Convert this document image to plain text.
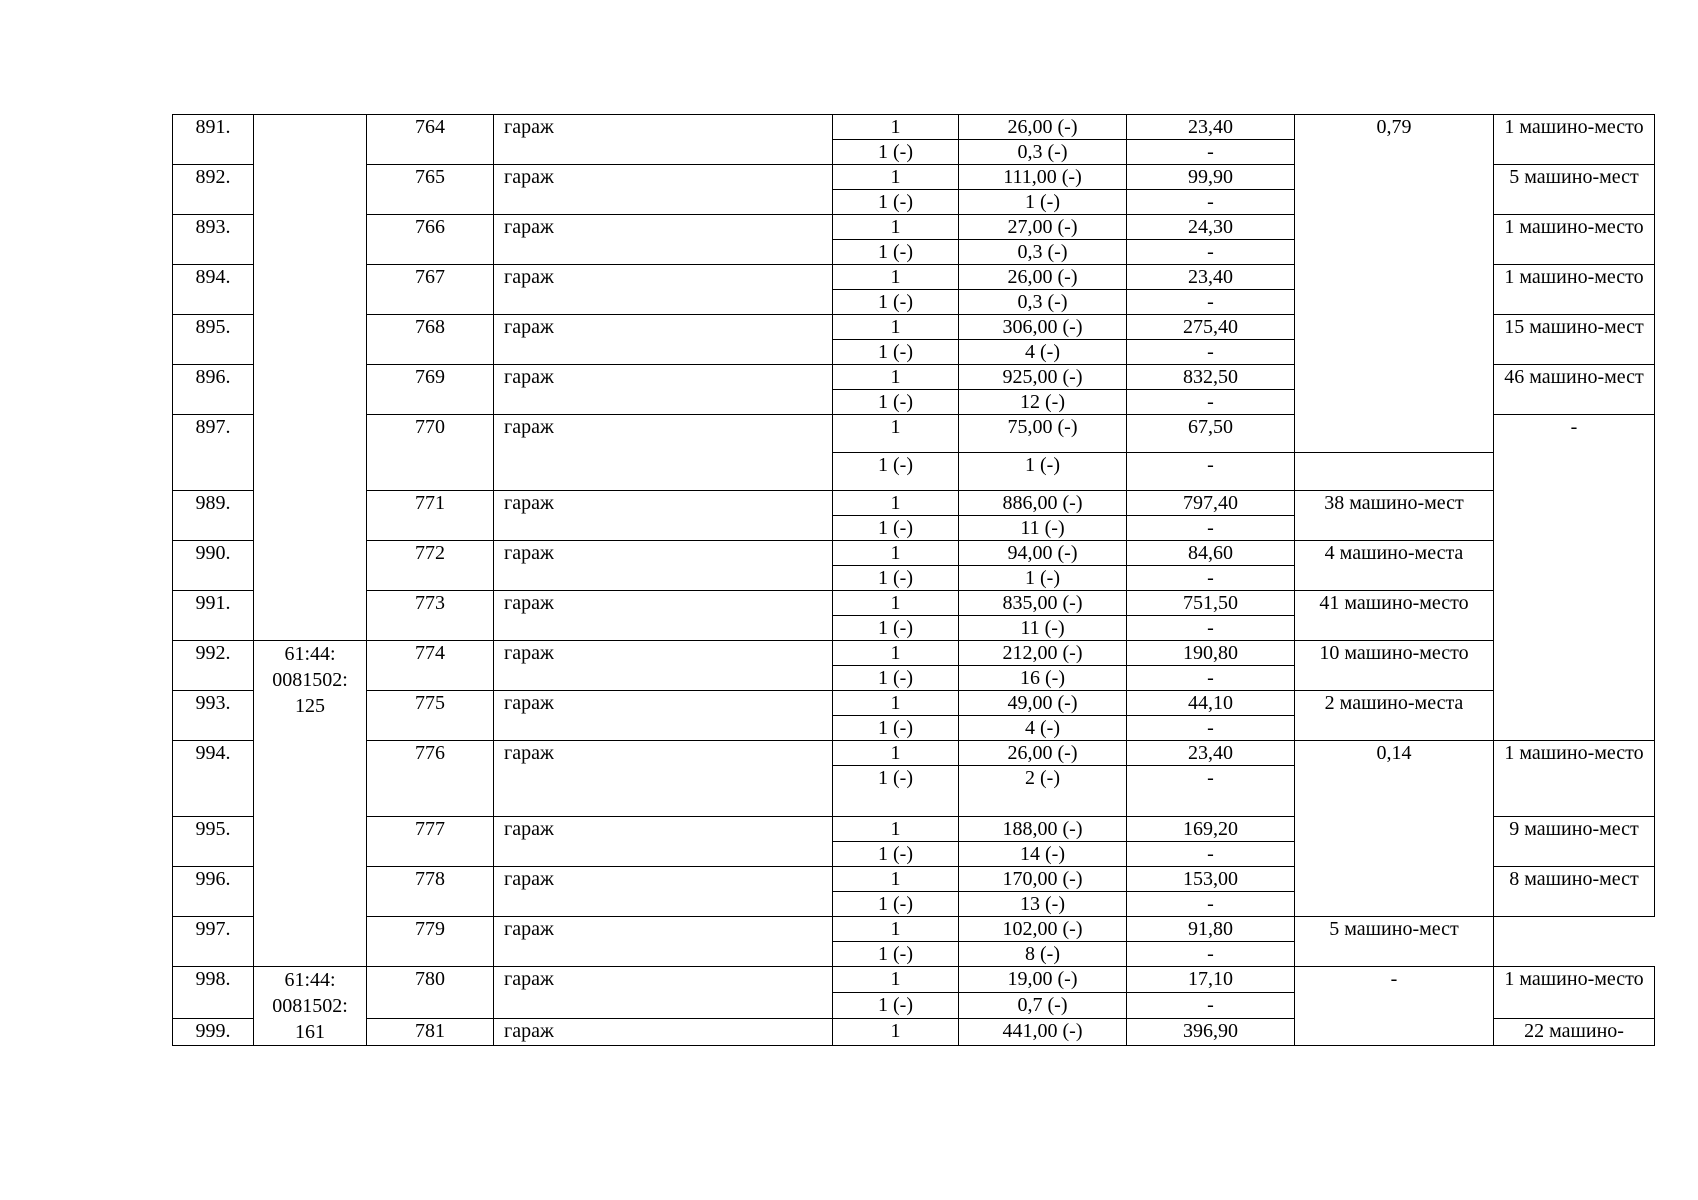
891.		764	гараж	1	26,00 (-)	23,40	0,79	1 машино-место	
				1 (-)	0,3 (-)	-			
892.		765	гараж	1	111,00 (-)	99,90		5 машино-мест	
				1 (-)	1 (-)	-			
893.		766	гараж	1	27,00 (-)	24,30		1 машино-место	
				1 (-)	0,3 (-)	-			
894.		767	гараж	1	26,00 (-)	23,40		1 машино-место	
				1 (-)	0,3 (-)	-			
895.		768	гараж	1	306,00 (-)	275,40		15 машино-мест	
				1 (-)	4 (-)	-			
896.		769	гараж	1	925,00 (-)	832,50		46 машино-мест	
				1 (-)	12 (-)	-			
897.		770	гараж	1	75,00 (-)	67,50		-	
				1 (-)	1 (-)	-			
989.		771	гараж	1	886,00 (-)	797,40	38 машино-мест		
				1 (-)	11 (-)	-			
990.		772	гараж	1	94,00 (-)	84,60	4 машино-места		
				1 (-)	1 (-)	-			
991.		773	гараж	1	835,00 (-)	751,50	41 машино-место		
				1 (-)	11 (-)	-			
992.	61:44: 0081502: 125	774	гараж	1	212,00 (-)	190,80	10 машино-место		
				1 (-)	16 (-)	-			
993.		775	гараж	1	49,00 (-)	44,10	2 машино-места		
				1 (-)	4 (-)	-			
994.		776	гараж	1	26,00 (-)	23,40	0,14	1 машино-место	
				1 (-)	2 (-)	-			
995.		777	гараж	1	188,00 (-)	169,20		9 машино-мест	
				1 (-)	14 (-)	-			
996.		778	гараж	1	170,00 (-)	153,00		8 машино-мест	
				1 (-)	13 (-)	-			
997.		779	гараж	1	102,00 (-)	91,80	5 машино-мест		
				1 (-)	8 (-)	-			
998.	61:44: 0081502: 161	780	гараж	1	19,00 (-)	17,10	-	1 машино-место	
				1 (-)	0,7 (-)	-			
999.		781	гараж	1	441,00 (-)	396,90		22 машино-	
